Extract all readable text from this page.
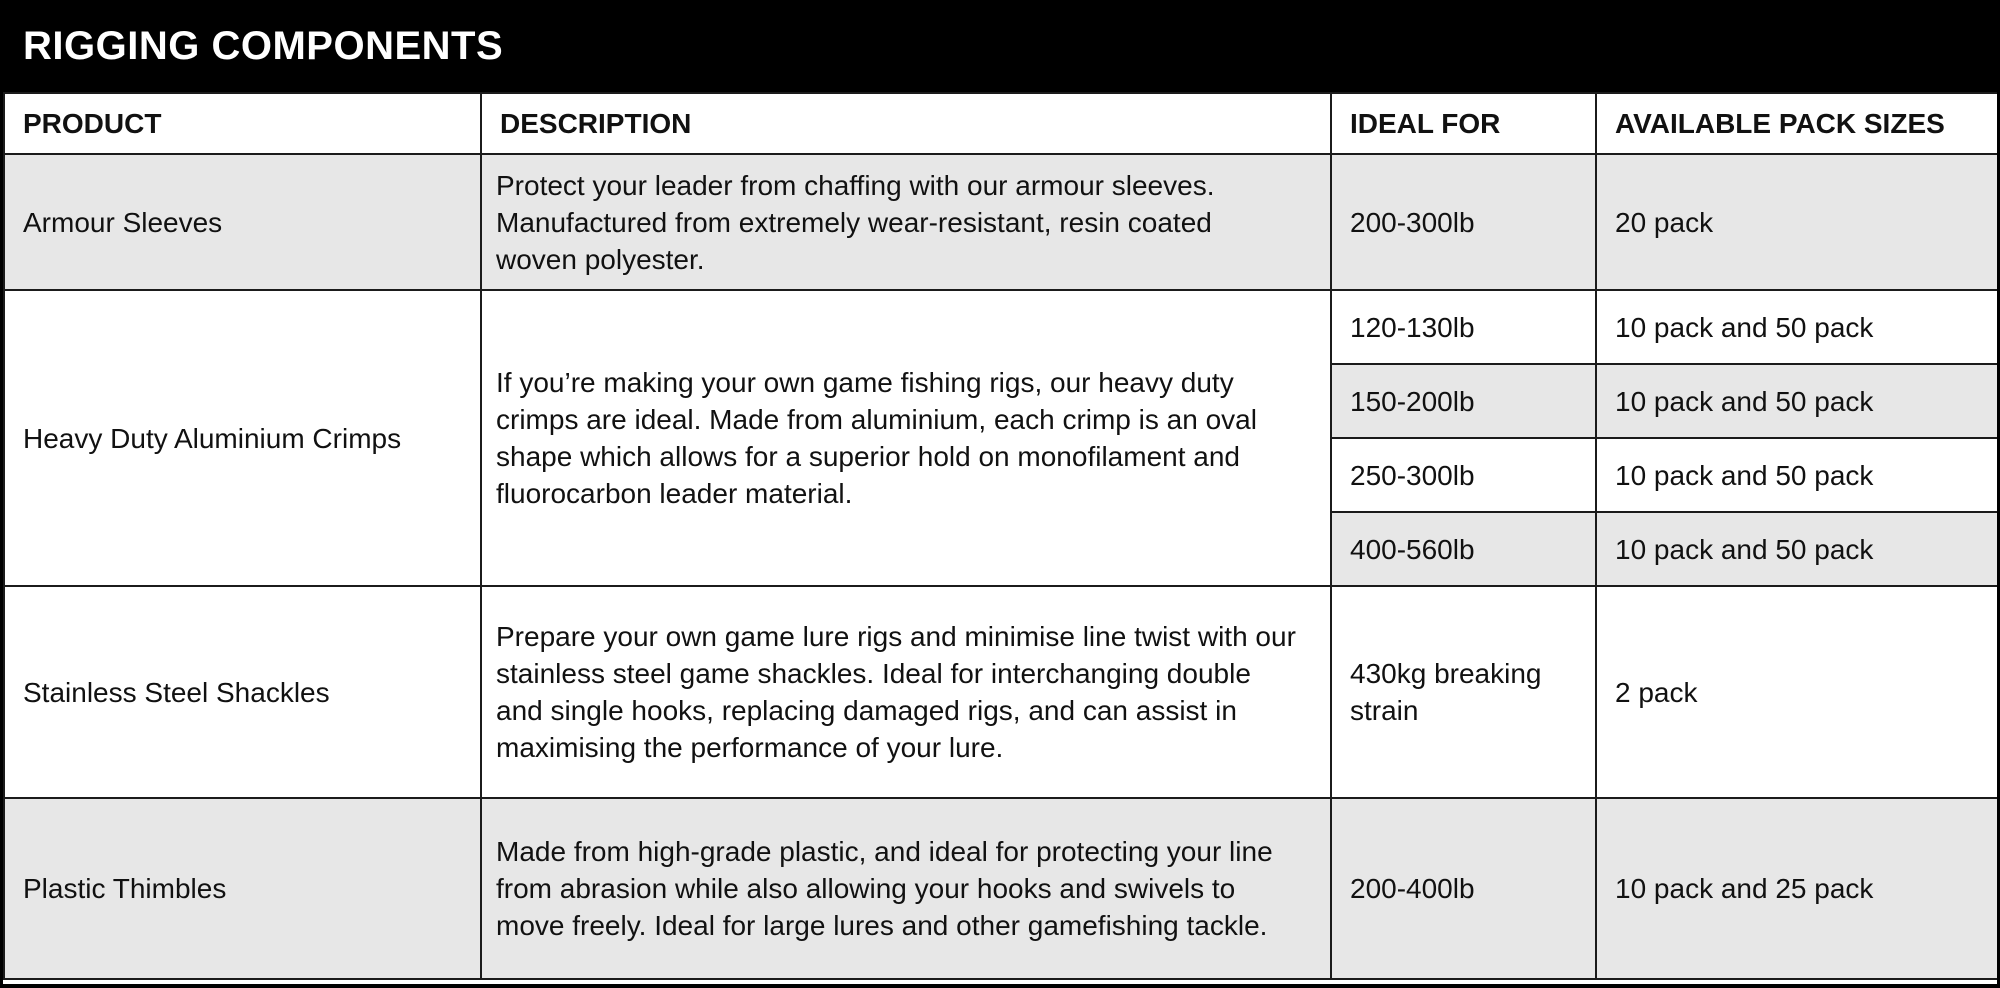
RIGGING COMPONENTS
PRODUCT	DESCRIPTION	IDEAL FOR	AVAILABLE PACK SIZES
Armour Sleeves	Protect your leader from chaffing with our armour sleeves. Manufactured from extremely wear-resistant, resin coated woven polyester.	200-300lb	20 pack
Heavy Duty Aluminium Crimps	If you’re making your own game fishing rigs, our heavy duty crimps are ideal. Made from aluminium, each crimp is an oval shape which allows for a superior hold on monofilament and fluorocarbon leader material.	120-130lb	10 pack and 50 pack
		150-200lb	10 pack and 50 pack
		250-300lb	10 pack and 50 pack
		400-560lb	10 pack and 50 pack
Stainless Steel Shackles	Prepare your own game lure rigs and minimise line twist with our stainless steel game shackles. Ideal for interchanging double and single hooks, replacing damaged rigs, and can assist in maximising the performance of your lure.	430kg breaking strain	2 pack
Plastic Thimbles	Made from high-grade plastic, and ideal for protecting your line from abrasion while also allowing your hooks and swivels to move freely. Ideal for large lures and other gamefishing tackle.	200-400lb	10 pack and 25 pack
